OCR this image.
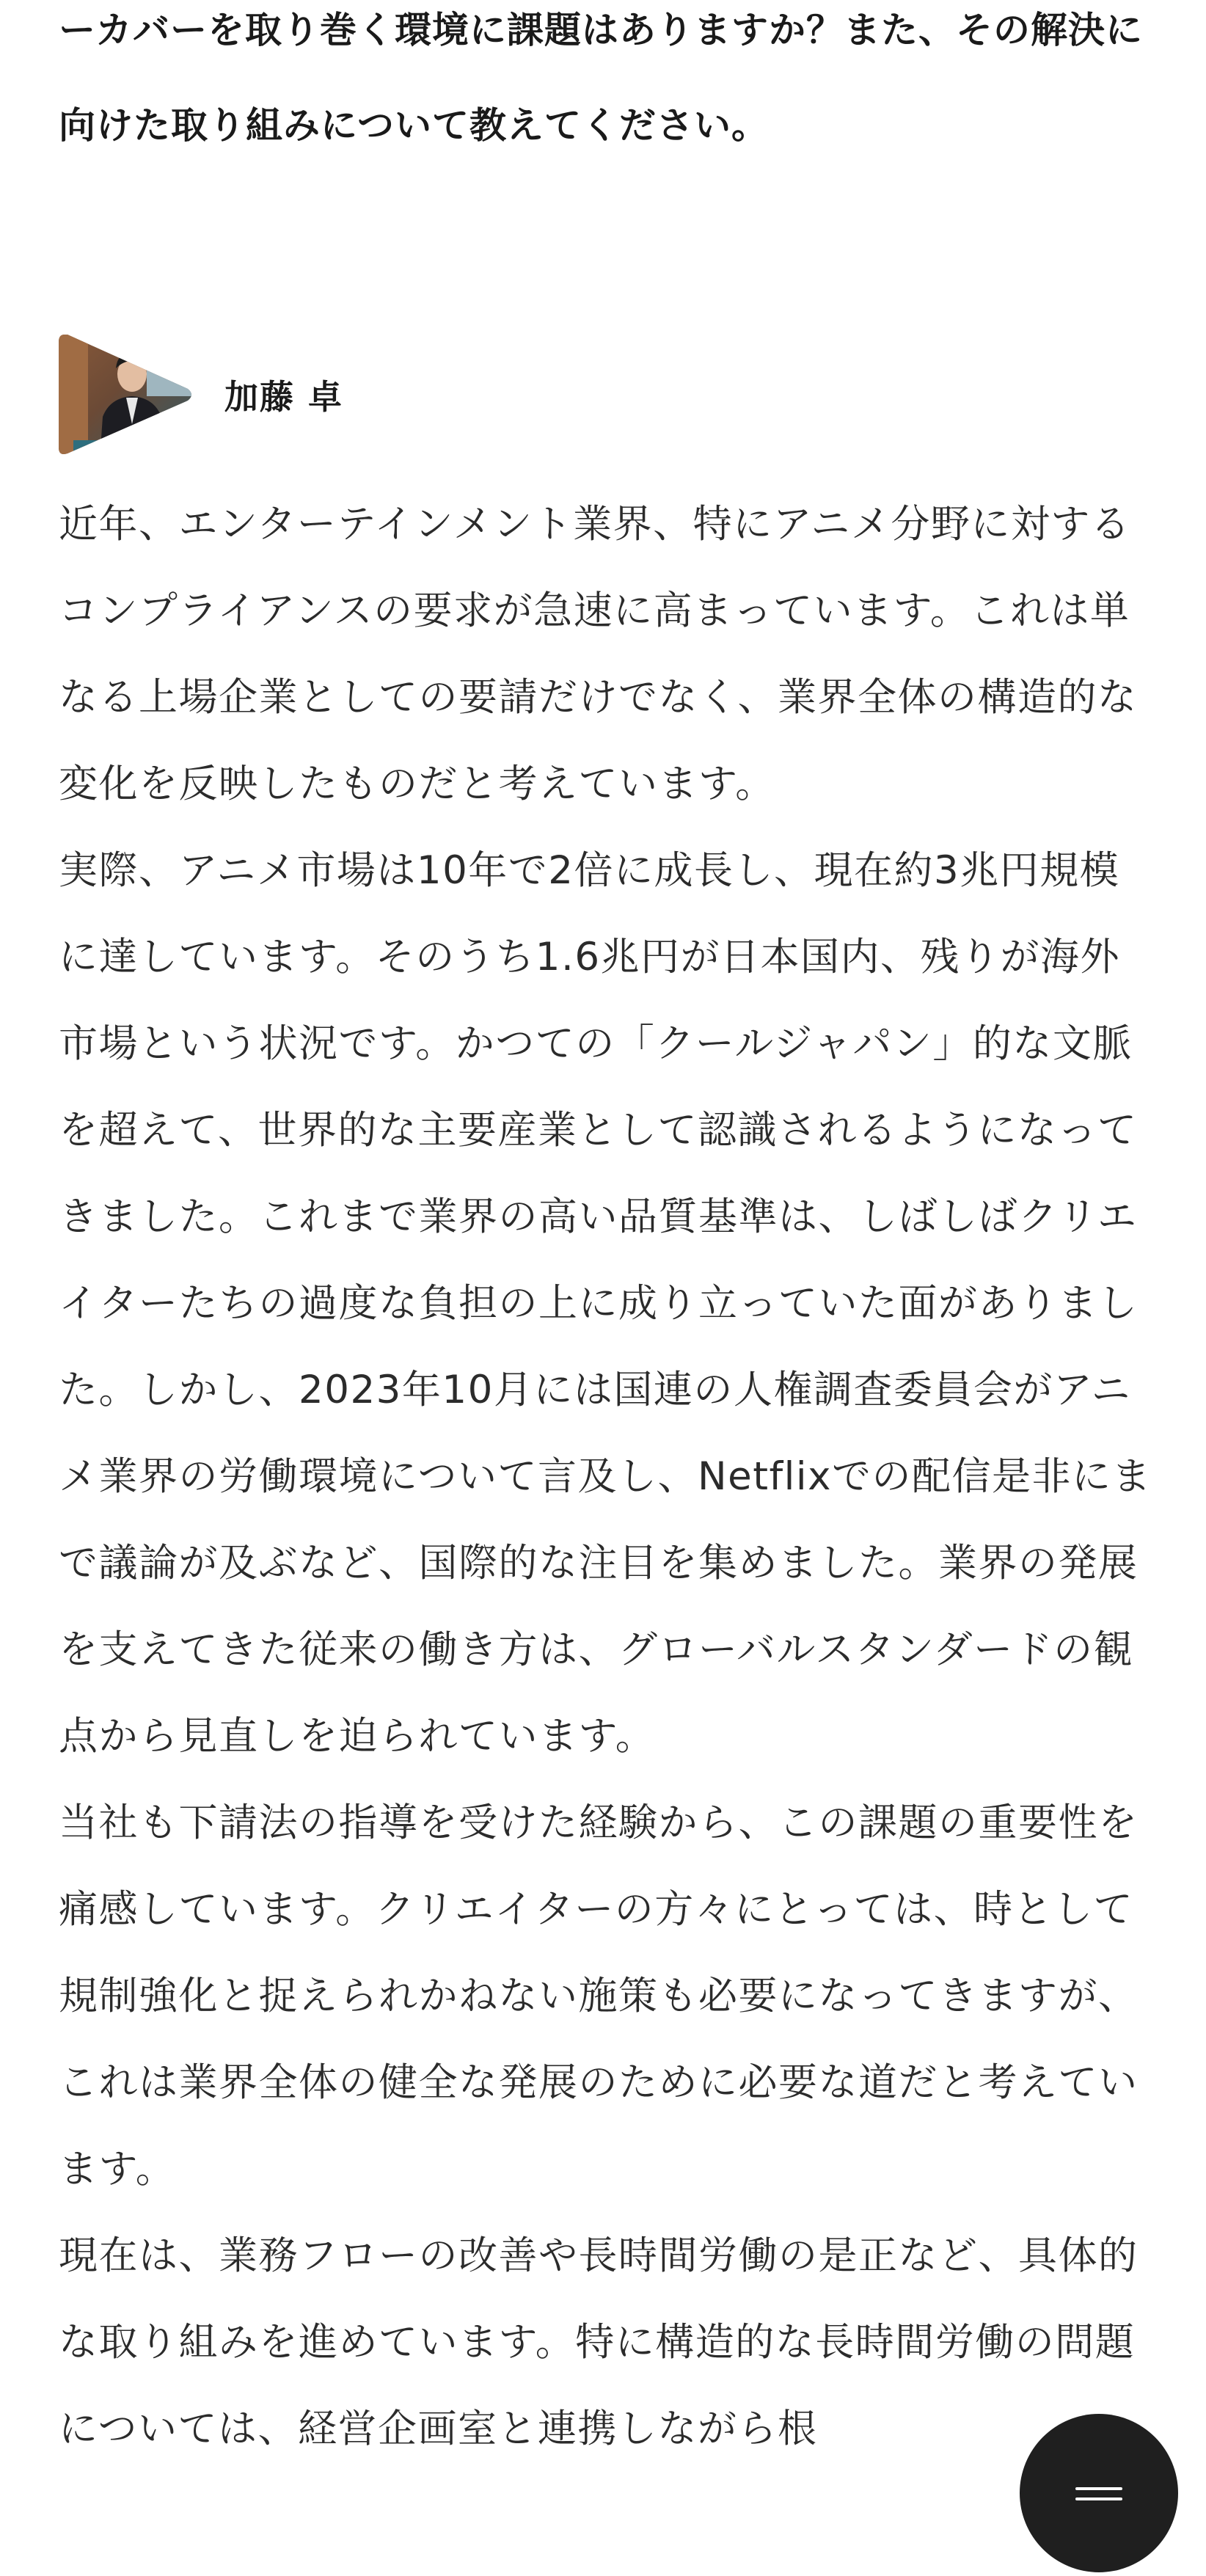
ーカバーを取り巻く環境に課題はありますか？また、その解決に向けた取り組みについて教えてください。

加藤 卓

近年、エンターテインメント業界、特にアニメ分野に対するコンプライアンスの要求が急速に高まっています。これは単なる上場企業としての要請だけでなく、業界全体の構造的な変化を反映したものだと考えています。

実際、アニメ市場は10年で2倍に成長し、現在約3兆円規模に達しています。そのうち1.6兆円が日本国内、残りが海外市場という状況です。かつての「クールジャパン」的な文脈を超えて、世界的な主要産業として認識されるようになってきました。これまで業界の高い品質基準は、しばしばクリエイターたちの過度な負担の上に成り立っていた面がありました。しかし、2023年10月には国連の人権調査委員会がアニメ業界の労働環境について言及し、Netflixでの配信是非にまで議論が及ぶなど、国際的な注目を集めました。業界の発展を支えてきた従来の働き方は、グローバルスタンダードの観点から見直しを迫られています。

当社も下請法の指導を受けた経験から、この課題の重要性を痛感しています。クリエイターの方々にとっては、時として規制強化と捉えられかねない施策も必要になってきますが、これは業界全体の健全な発展のために必要な道だと考えています。

現在は、業務フローの改善や長時間労働の是正など、具体的な取り組みを進めています。特に構造的な長時間労働の問題については、経営企画室と連携しながら根
